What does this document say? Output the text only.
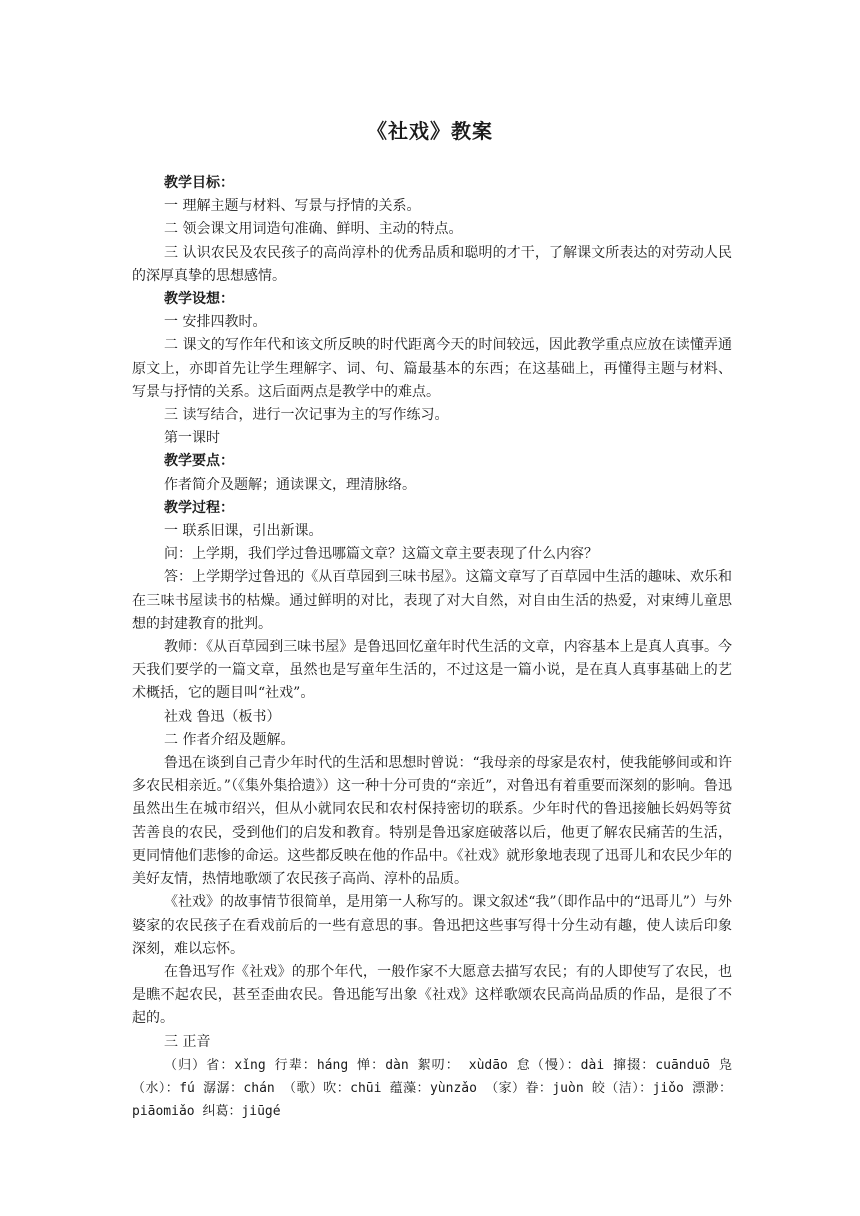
《社戏》教案

教学目标：

一 理解主题与材料、写景与抒情的关系。

二 领会课文用词造句准确、鲜明、主动的特点。

三 认识农民及农民孩子的高尚淳朴的优秀品质和聪明的才干，了解课文所表达的对劳动人民的深厚真挚的思想感情。

教学设想：

一 安排四教时。

二 课文的写作年代和该文所反映的时代距离今天的时间较远，因此教学重点应放在读懂弄通原文上，亦即首先让学生理解字、词、句、篇最基本的东西；在这基础上，再懂得主题与材料、写景与抒情的关系。这后面两点是教学中的难点。

三 读写结合，进行一次记事为主的写作练习。

第一课时

教学要点：

作者简介及题解；通读课文，理清脉络。

教学过程：

一 联系旧课，引出新课。

问：上学期，我们学过鲁迅哪篇文章？这篇文章主要表现了什么内容？

答：上学期学过鲁迅的《从百草园到三味书屋》。这篇文章写了百草园中生活的趣味、欢乐和在三味书屋读书的枯燥。通过鲜明的对比，表现了对大自然，对自由生活的热爱，对束缚儿童思想的封建教育的批判。

教师：《从百草园到三味书屋》是鲁迅回忆童年时代生活的文章，内容基本上是真人真事。今天我们要学的一篇文章，虽然也是写童年生活的，不过这是一篇小说，是在真人真事基础上的艺术概括，它的题目叫“社戏”。

社戏 鲁迅（板书）

二 作者介绍及题解。

鲁迅在谈到自己青少年时代的生活和思想时曾说：“我母亲的母家是农村，使我能够间或和许多农民相亲近。”（《集外集拾遗》）这一种十分可贵的“亲近”，对鲁迅有着重要而深刻的影响。鲁迅虽然出生在城市绍兴，但从小就同农民和农村保持密切的联系。少年时代的鲁迅接触长妈妈等贫苦善良的农民，受到他们的启发和教育。特别是鲁迅家庭破落以后，他更了解农民痛苦的生活，更同情他们悲惨的命运。这些都反映在他的作品中。《社戏》就形象地表现了迅哥儿和农民少年的美好友情，热情地歌颂了农民孩子高尚、淳朴的品质。

《社戏》的故事情节很简单，是用第一人称写的。课文叙述“我”（即作品中的“迅哥儿”）与外婆家的农民孩子在看戏前后的一些有意思的事。鲁迅把这些事写得十分生动有趣，使人读后印象深刻，难以忘怀。

在鲁迅写作《社戏》的那个年代，一般作家不大愿意去描写农民；有的人即使写了农民，也是瞧不起农民，甚至歪曲农民。鲁迅能写出象《社戏》这样歌颂农民高尚品质的作品，是很了不起的。

三 正音

（归）省：xǐng 行辈：háng 惮：dàn 絮叨： xùdāo 怠（慢）：dài 撺掇：cuānduō 凫（水）：fú 潺潺：chán （歌）吹：chūi 蕴藻：yùnzǎo （家）眷：juòn 皎（洁）：jiǒo 漂渺：piāomiǎo 纠葛：jiūgé
